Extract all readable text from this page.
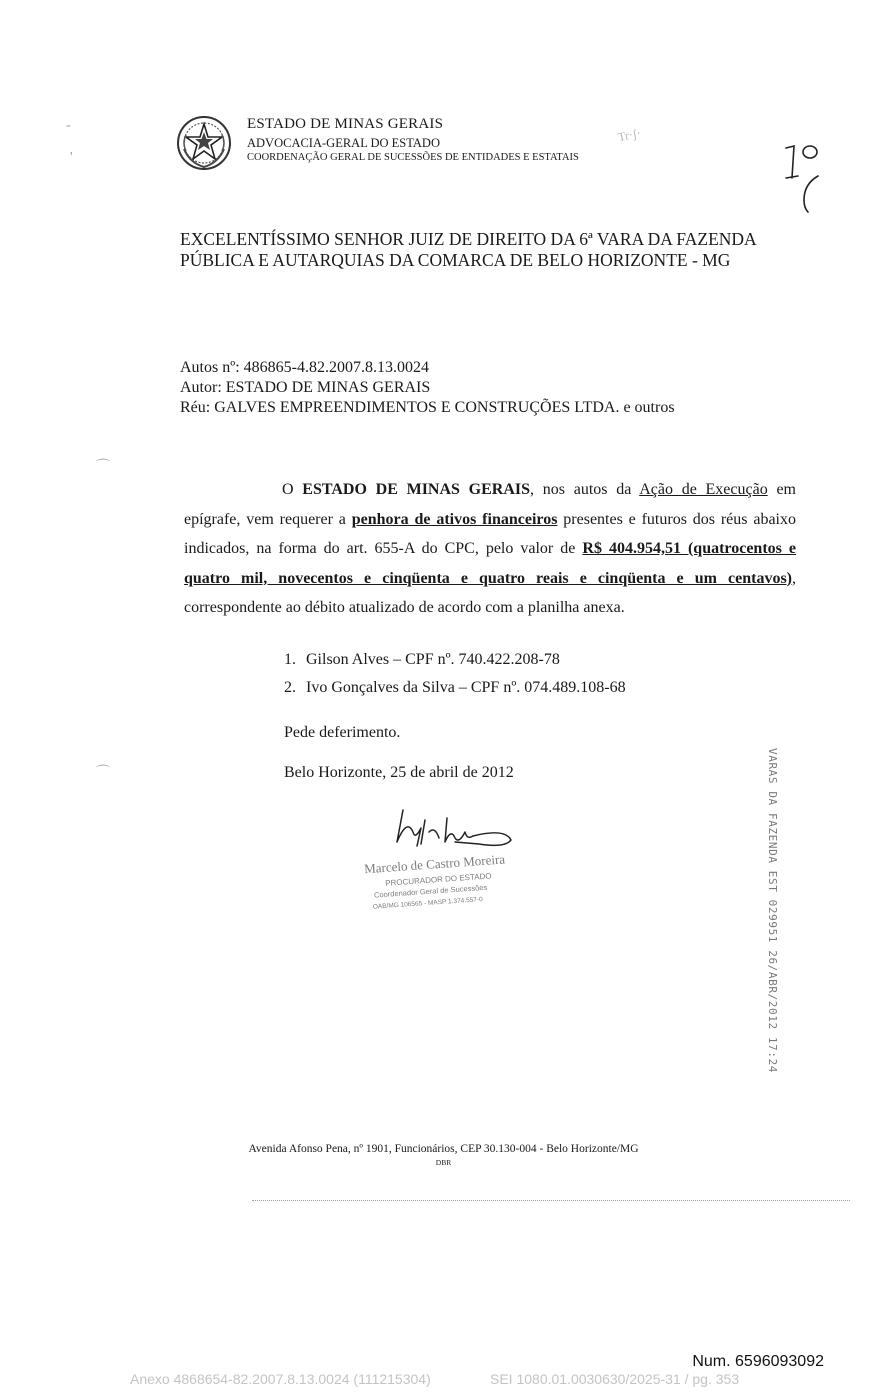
ESTADO DE MINAS GERAIS
ADVOCACIA-GERAL DO ESTADO
COORDENAÇÃO GERAL DE SUCESSÕES DE ENTIDADES E ESTATAIS
Tr·ʃ·
-
'
⌒
⌒
EXCELENTÍSSIMO SENHOR JUIZ DE DIREITO DA 6ª VARA DA FAZENDA PÚBLICA E AUTARQUIAS DA COMARCA DE BELO HORIZONTE - MG
Autos nº: 486865-4.82.2007.8.13.0024
Autor: ESTADO DE MINAS GERAIS
Réu: GALVES EMPREENDIMENTOS E CONSTRUÇÕES LTDA. e outros
O ESTADO DE MINAS GERAIS, nos autos da Ação de Execução em epígrafe, vem requerer a penhora de ativos financeiros presentes e futuros dos réus abaixo indicados, na forma do art. 655-A do CPC, pelo valor de R$ 404.954,51 (quatrocentos e quatro mil, novecentos e cinqüenta e quatro reais e cinqüenta e um centavos), correspondente ao débito atualizado de acordo com a planilha anexa.
1. Gilson Alves – CPF nº. 740.422.208-78
2. Ivo Gonçalves da Silva – CPF nº. 074.489.108-68
Pede deferimento.
Belo Horizonte, 25 de abril de 2012
Marcelo de Castro Moreira
PROCURADOR DO ESTADO
Coordenador Geral de Sucessões
OAB/MG 106565 - MASP 1.374.557-0	VARAS DA FAZENDA EST 029951 26/ABR/2012 17:24
Avenida Afonso Pena, nº 1901, Funcionários, CEP 30.130-004 - Belo Horizonte/MG
DBR
Num. 6596093092
Anexo 4868654-82.2007.8.13.0024 (111215304)	SEI 1080.01.0030630/2025-31 / pg. 353
